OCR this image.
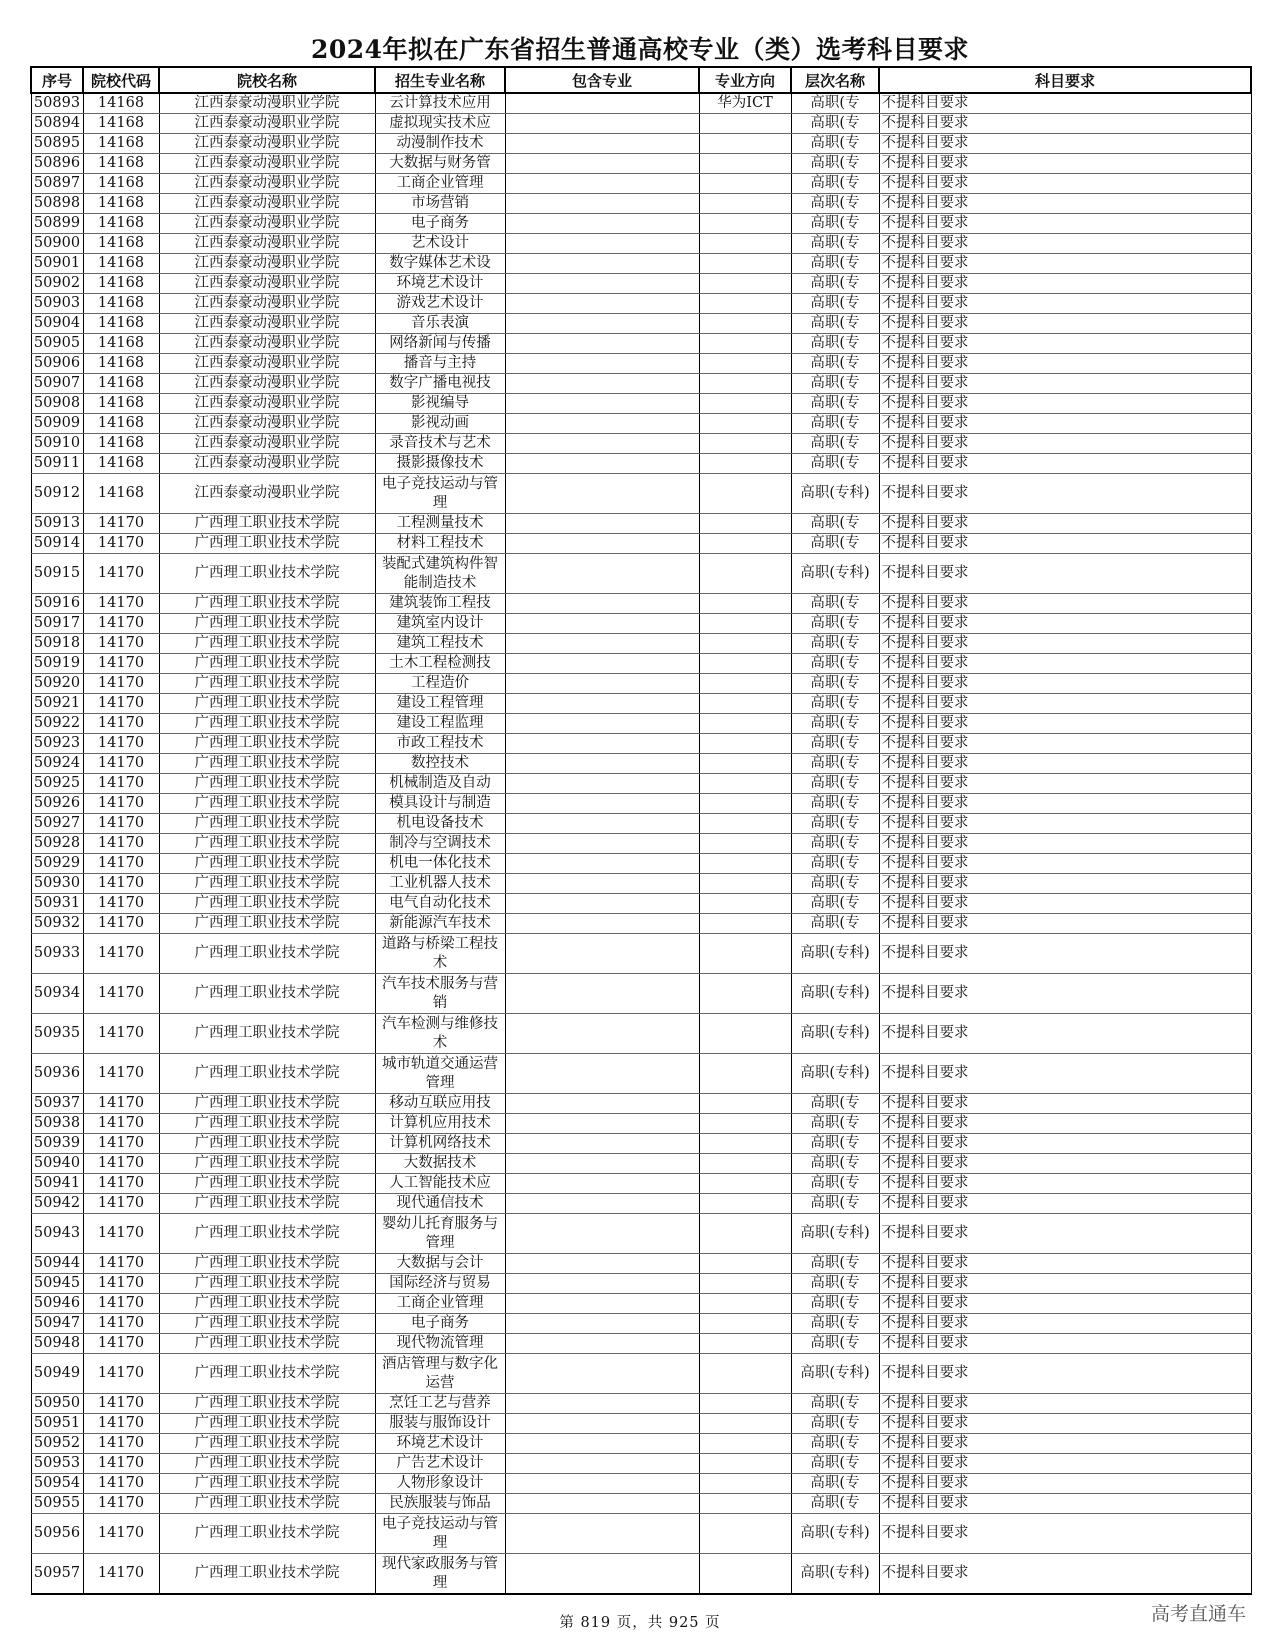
2024年拟在广东省招生普通高校专业（类）选考科目要求
序号	院校代码	院校名称	招生专业名称	包含专业	专业方向	层次名称	科目要求
50893	14168	江西泰豪动漫职业学院	云计算技术应用		华为ICT	高职(专	不提科目要求
50894	14168	江西泰豪动漫职业学院	虚拟现实技术应			高职(专	不提科目要求
50895	14168	江西泰豪动漫职业学院	动漫制作技术			高职(专	不提科目要求
50896	14168	江西泰豪动漫职业学院	大数据与财务管			高职(专	不提科目要求
50897	14168	江西泰豪动漫职业学院	工商企业管理			高职(专	不提科目要求
50898	14168	江西泰豪动漫职业学院	市场营销			高职(专	不提科目要求
50899	14168	江西泰豪动漫职业学院	电子商务			高职(专	不提科目要求
50900	14168	江西泰豪动漫职业学院	艺术设计			高职(专	不提科目要求
50901	14168	江西泰豪动漫职业学院	数字媒体艺术设			高职(专	不提科目要求
50902	14168	江西泰豪动漫职业学院	环境艺术设计			高职(专	不提科目要求
50903	14168	江西泰豪动漫职业学院	游戏艺术设计			高职(专	不提科目要求
50904	14168	江西泰豪动漫职业学院	音乐表演			高职(专	不提科目要求
50905	14168	江西泰豪动漫职业学院	网络新闻与传播			高职(专	不提科目要求
50906	14168	江西泰豪动漫职业学院	播音与主持			高职(专	不提科目要求
50907	14168	江西泰豪动漫职业学院	数字广播电视技			高职(专	不提科目要求
50908	14168	江西泰豪动漫职业学院	影视编导			高职(专	不提科目要求
50909	14168	江西泰豪动漫职业学院	影视动画			高职(专	不提科目要求
50910	14168	江西泰豪动漫职业学院	录音技术与艺术			高职(专	不提科目要求
50911	14168	江西泰豪动漫职业学院	摄影摄像技术			高职(专	不提科目要求
50912	14168	江西泰豪动漫职业学院	电子竞技运动与管理			高职(专科)	不提科目要求
50913	14170	广西理工职业技术学院	工程测量技术			高职(专	不提科目要求
50914	14170	广西理工职业技术学院	材料工程技术			高职(专	不提科目要求
50915	14170	广西理工职业技术学院	装配式建筑构件智能制造技术			高职(专科)	不提科目要求
50916	14170	广西理工职业技术学院	建筑装饰工程技			高职(专	不提科目要求
50917	14170	广西理工职业技术学院	建筑室内设计			高职(专	不提科目要求
50918	14170	广西理工职业技术学院	建筑工程技术			高职(专	不提科目要求
50919	14170	广西理工职业技术学院	土木工程检测技			高职(专	不提科目要求
50920	14170	广西理工职业技术学院	工程造价			高职(专	不提科目要求
50921	14170	广西理工职业技术学院	建设工程管理			高职(专	不提科目要求
50922	14170	广西理工职业技术学院	建设工程监理			高职(专	不提科目要求
50923	14170	广西理工职业技术学院	市政工程技术			高职(专	不提科目要求
50924	14170	广西理工职业技术学院	数控技术			高职(专	不提科目要求
50925	14170	广西理工职业技术学院	机械制造及自动			高职(专	不提科目要求
50926	14170	广西理工职业技术学院	模具设计与制造			高职(专	不提科目要求
50927	14170	广西理工职业技术学院	机电设备技术			高职(专	不提科目要求
50928	14170	广西理工职业技术学院	制冷与空调技术			高职(专	不提科目要求
50929	14170	广西理工职业技术学院	机电一体化技术			高职(专	不提科目要求
50930	14170	广西理工职业技术学院	工业机器人技术			高职(专	不提科目要求
50931	14170	广西理工职业技术学院	电气自动化技术			高职(专	不提科目要求
50932	14170	广西理工职业技术学院	新能源汽车技术			高职(专	不提科目要求
50933	14170	广西理工职业技术学院	道路与桥梁工程技术			高职(专科)	不提科目要求
50934	14170	广西理工职业技术学院	汽车技术服务与营销			高职(专科)	不提科目要求
50935	14170	广西理工职业技术学院	汽车检测与维修技术			高职(专科)	不提科目要求
50936	14170	广西理工职业技术学院	城市轨道交通运营管理			高职(专科)	不提科目要求
50937	14170	广西理工职业技术学院	移动互联应用技			高职(专	不提科目要求
50938	14170	广西理工职业技术学院	计算机应用技术			高职(专	不提科目要求
50939	14170	广西理工职业技术学院	计算机网络技术			高职(专	不提科目要求
50940	14170	广西理工职业技术学院	大数据技术			高职(专	不提科目要求
50941	14170	广西理工职业技术学院	人工智能技术应			高职(专	不提科目要求
50942	14170	广西理工职业技术学院	现代通信技术			高职(专	不提科目要求
50943	14170	广西理工职业技术学院	婴幼儿托育服务与管理			高职(专科)	不提科目要求
50944	14170	广西理工职业技术学院	大数据与会计			高职(专	不提科目要求
50945	14170	广西理工职业技术学院	国际经济与贸易			高职(专	不提科目要求
50946	14170	广西理工职业技术学院	工商企业管理			高职(专	不提科目要求
50947	14170	广西理工职业技术学院	电子商务			高职(专	不提科目要求
50948	14170	广西理工职业技术学院	现代物流管理			高职(专	不提科目要求
50949	14170	广西理工职业技术学院	酒店管理与数字化运营			高职(专科)	不提科目要求
50950	14170	广西理工职业技术学院	烹饪工艺与营养			高职(专	不提科目要求
50951	14170	广西理工职业技术学院	服装与服饰设计			高职(专	不提科目要求
50952	14170	广西理工职业技术学院	环境艺术设计			高职(专	不提科目要求
50953	14170	广西理工职业技术学院	广告艺术设计			高职(专	不提科目要求
50954	14170	广西理工职业技术学院	人物形象设计			高职(专	不提科目要求
50955	14170	广西理工职业技术学院	民族服装与饰品			高职(专	不提科目要求
50956	14170	广西理工职业技术学院	电子竞技运动与管理			高职(专科)	不提科目要求
50957	14170	广西理工职业技术学院	现代家政服务与管理			高职(专科)	不提科目要求
第 819 页，共 925 页	高考直通车
